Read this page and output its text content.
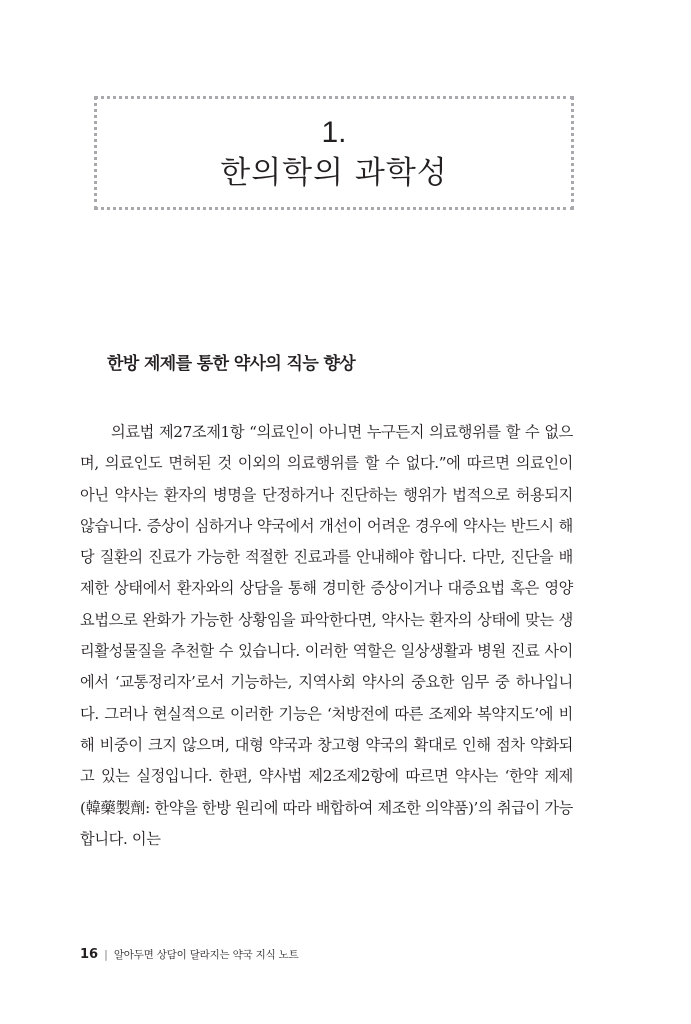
1.
한의학의 과학성
한방 제제를 통한 약사의 직능 향상

의료법 제27조제1항 “의료인이 아니면 누구든지 의료행위를 할 수 없으며, 의료인도 면허된 것 이외의 의료행위를 할 수 없다.”에 따르면 의료인이 아닌 약사는 환자의 병명을 단정하거나 진단하는 행위가 법적으로 허용되지 않습니다. 증상이 심하거나 약국에서 개선이 어려운 경우에 약사는 반드시 해당 질환의 진료가 가능한 적절한 진료과를 안내해야 합니다. 다만, 진단을 배제한 상태에서 환자와의 상담을 통해 경미한 증상이거나 대증요법 혹은 영양요법으로 완화가 가능한 상황임을 파악한다면, 약사는 환자의 상태에 맞는 생리활성물질을 추천할 수 있습니다. 이러한 역할은 일상생활과 병원 진료 사이에서 ‘교통정리자’로서 기능하는, 지역사회 약사의 중요한 임무 중 하나입니다. 그러나 현실적으로 이러한 기능은 ‘처방전에 따른 조제와 복약지도’에 비해 비중이 크지 않으며, 대형 약국과 창고형 약국의 확대로 인해 점차 약화되고 있는 실정입니다. 한편, 약사법 제2조제2항에 따르면 약사는 ‘한약 제제(韓藥製劑: 한약을 한방 원리에 따라 배합하여 제조한 의약품)’의 취급이 가능합니다. 이는

16 | 알아두면 상담이 달라지는 약국 지식 노트
